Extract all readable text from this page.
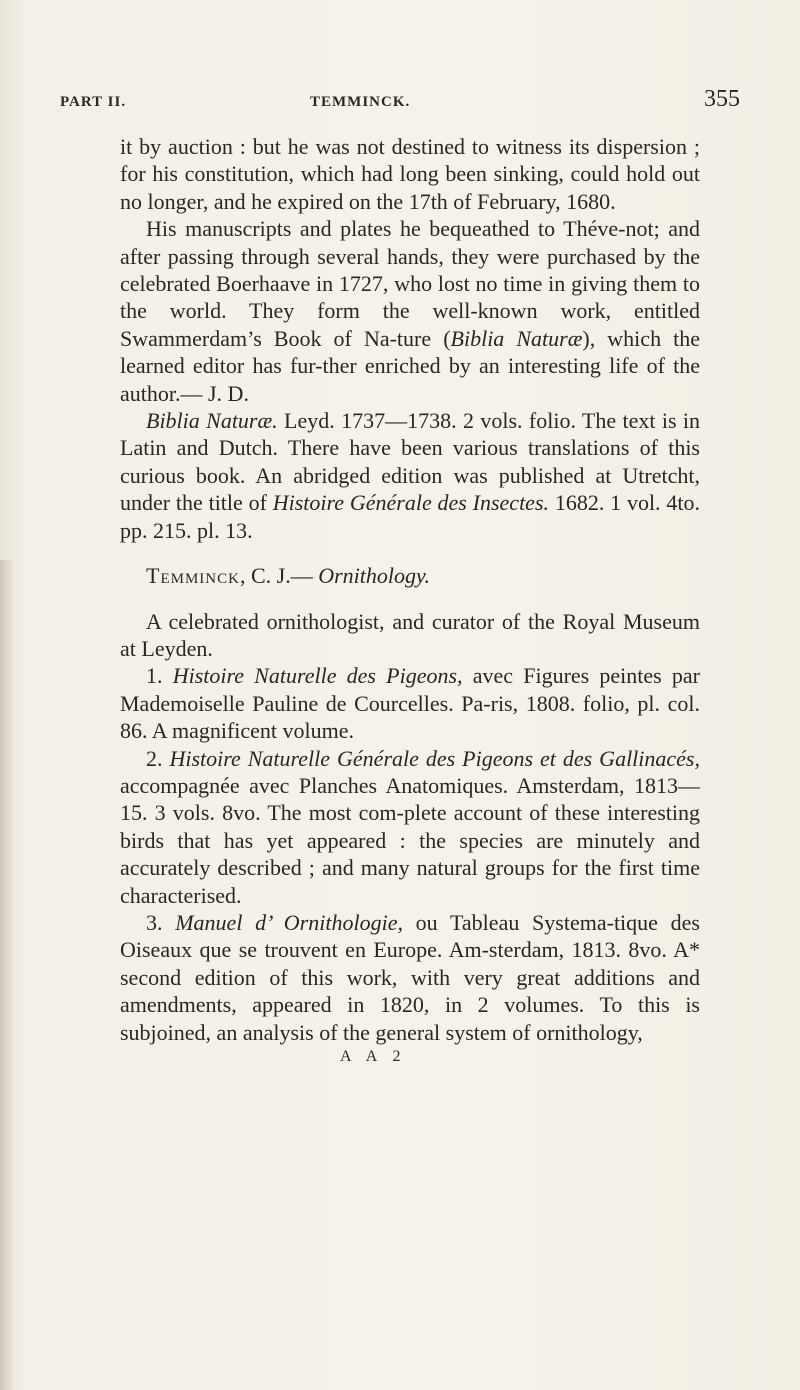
PART II.	TEMMINCK.	355

it by auction : but he was not destined to witness its dispersion ; for his constitution, which had long been sinking, could hold out no longer, and he expired on the 17th of February, 1680.

His manuscripts and plates he bequeathed to Théve-not; and after passing through several hands, they were purchased by the celebrated Boerhaave in 1727, who lost no time in giving them to the world. They form the well-known work, entitled Swammerdam’s Book of Na-ture (Biblia Naturæ), which the learned editor has fur-ther enriched by an interesting life of the author.— J. D.

Biblia Naturæ. Leyd. 1737—1738. 2 vols. folio. The text is in Latin and Dutch. There have been various translations of this curious book. An abridged edition was published at Utretcht, under the title of Histoire Générale des Insectes. 1682. 1 vol. 4to. pp. 215. pl. 13.

Temminck, C. J.— Ornithology.

A celebrated ornithologist, and curator of the Royal Museum at Leyden.

1. Histoire Naturelle des Pigeons, avec Figures peintes par Mademoiselle Pauline de Courcelles. Pa-ris, 1808. folio, pl. col. 86. A magnificent volume.

2. Histoire Naturelle Générale des Pigeons et des Gallinacés, accompagnée avec Planches Anatomiques. Amsterdam, 1813—15. 3 vols. 8vo. The most com-plete account of these interesting birds that has yet appeared : the species are minutely and accurately described ; and many natural groups for the first time characterised.

3. Manuel d’ Ornithologie, ou Tableau Systema-tique des Oiseaux que se trouvent en Europe. Am-sterdam, 1813. 8vo. A* second edition of this work, with very great additions and amendments, appeared in 1820, in 2 volumes. To this is subjoined, an analysis of the general system of ornithology,

A A 2
